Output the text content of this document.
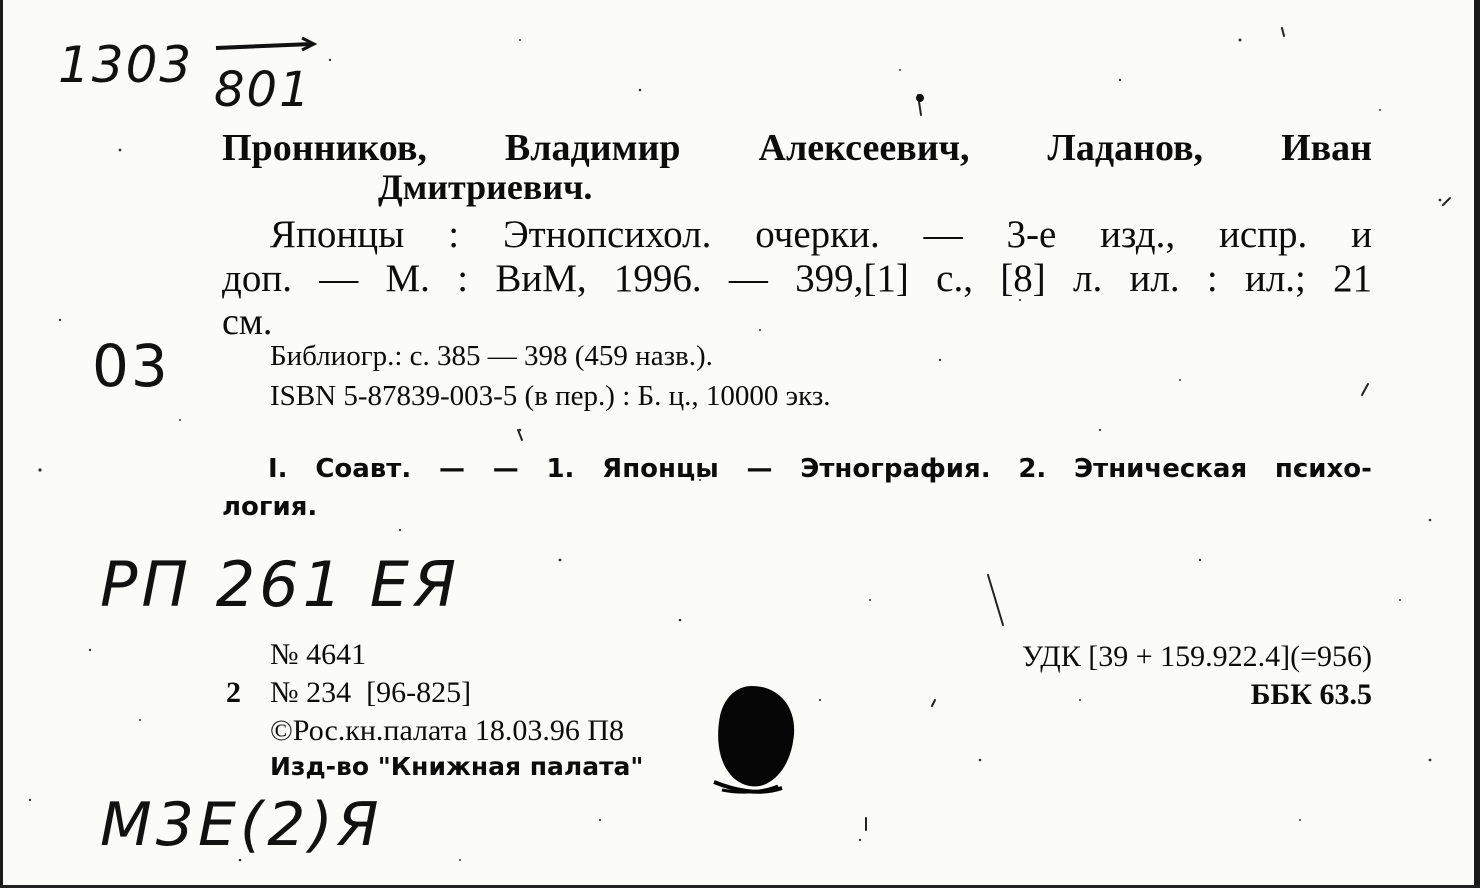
1303 801
03
Пронников, Владимир Алексеевич, Ладанов, Иван
Дмитриевич.
Японцы : Этнопсихол. очерки. — 3-е изд., испр. и
доп. — М. : ВиМ, 1996. — 399,[1] с., [8] л. ил. : ил.; 21
см.
Библиогр.: с. 385 — 398 (459 назв.).
ISBN 5-87839-003-5 (в пер.) : Б. ц., 10000 экз.
I. Соавт. — — 1. Японцы — Этнография. 2. Этническая психо-
логия.
РП 261 ЕЯ
М3Е(2)Я
№ 4641
2 № 234  [96-825]
©Рос.кн.палата 18.03.96 П8
Изд-во "Книжная палата"
УДК [39 + 159.922.4](=956)
ББК 63.5
